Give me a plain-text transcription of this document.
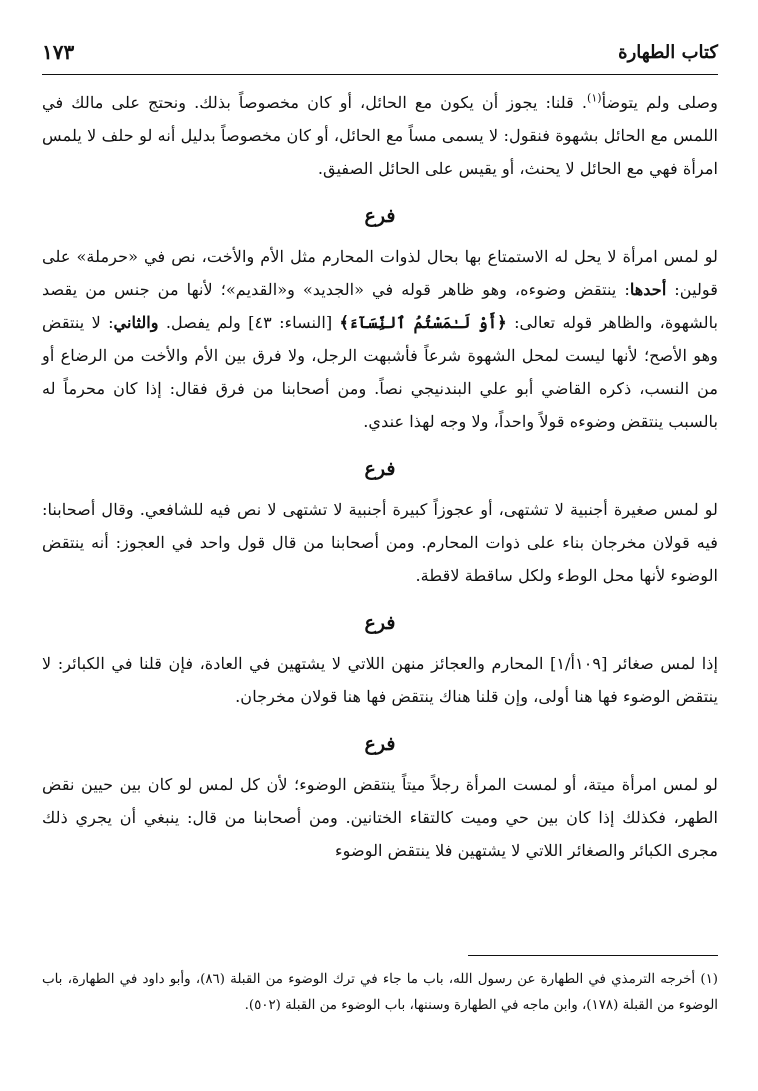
كتاب الطهارة
١٧٣

وصلى ولم يتوضأ$^{(١)}$. قلنا: يجوز أن يكون مع الحائل، أو كان مخصوصاً بذلك. ونحتج على مالك في اللمس مع الحائل بشهوة فنقول: لا يسمى مساً مع الحائل، أو كان مخصوصاً بدليل أنه لو حلف لا يلمس امرأة فهي مع الحائل لا يحنث، أو يقيس على الحائل الصفيق.

فرع

لو لمس امرأة لا يحل له الاستمتاع بها بحال لذوات المحارم مثل الأم والأخت، نص في «حرملة» على قولين: أحدها: ينتقض وضوءه، وهو ظاهر قوله في «الجديد» و«القديم»؛ لأنها من جنس من يقصد بالشهوة، والظاهر قوله تعالى: ﴿أَوْ لَـٰمَسْتُمُ ٱلنِّسَآءَ﴾ [النساء: ٤٣] ولم يفصل. والثاني: لا ينتقض وهو الأصح؛ لأنها ليست لمحل الشهوة شرعاً فأشبهت الرجل، ولا فرق بين الأم والأخت من الرضاع أو من النسب، ذكره القاضي أبو علي البندنيجي نصاً. ومن أصحابنا من فرق فقال: إذا كان محرماً له بالسبب ينتقض وضوءه قولاً واحداً، ولا وجه لهذا عندي.

فرع

لو لمس صغيرة أجنبية لا تشتهى، أو عجوزاً كبيرة أجنبية لا تشتهى لا نص فيه للشافعي. وقال أصحابنا: فيه قولان مخرجان بناء على ذوات المحارم. ومن أصحابنا من قال قول واحد في العجوز: أنه ينتقض الوضوء لأنها محل الوطء ولكل ساقطة لاقطة.

فرع

إذا لمس صغائر [١٠٩أ/١] المحارم والعجائز منهن اللاتي لا يشتهين في العادة، فإن قلنا في الكبائر: لا ينتقض الوضوء فها هنا أولى، وإن قلنا هناك ينتقض فها هنا قولان مخرجان.

فرع

لو لمس امرأة ميتة، أو لمست المرأة رجلاً ميتاً ينتقض الوضوء؛ لأن كل لمس لو كان بين حيين نقض الطهر، فكذلك إذا كان بين حي وميت كالتقاء الختانين. ومن أصحابنا من قال: ينبغي أن يجري ذلك مجرى الكبائر والصغائر اللاتي لا يشتهين فلا ينتقض الوضوء

(١) أخرجه الترمذي في الطهارة عن رسول الله، باب ما جاء في ترك الوضوء من القبلة (٨٦)، وأبو داود في الطهارة، باب الوضوء من القبلة (١٧٨)، وابن ماجه في الطهارة وسننها، باب الوضوء من القبلة (٥٠٢).
